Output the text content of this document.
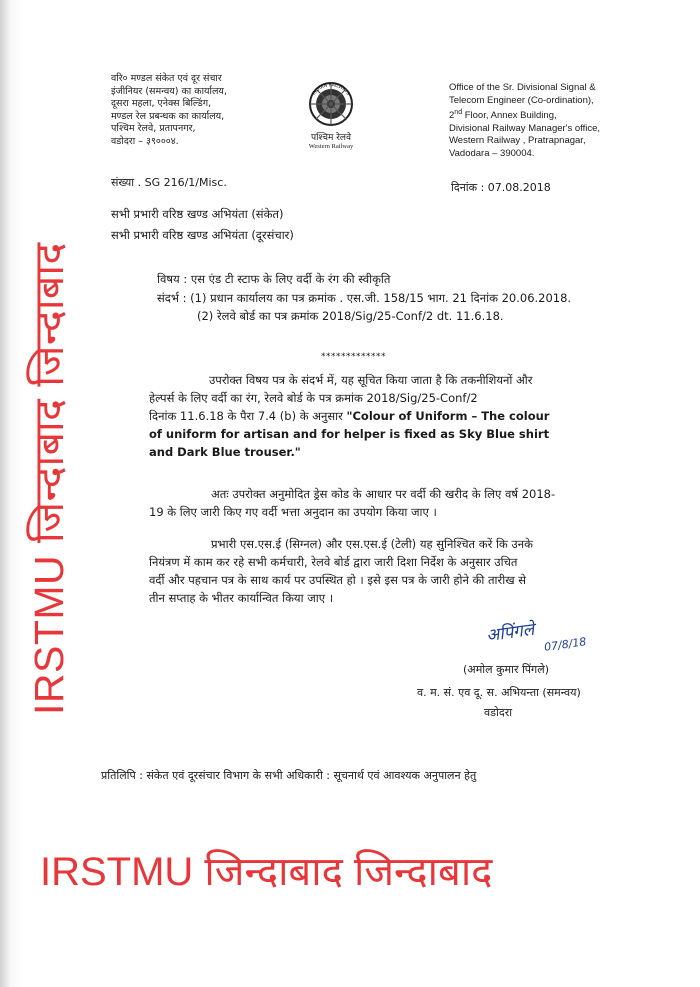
वरि० मण्डल संकेत एवं दूर संचार
इंजीनियर (समन्वय) का कार्यालय,
दूसरा महला, एनेक्स बिल्डिंग,
मण्डल रेल प्रबन्धक का कार्यालय,
पश्चिम रेलवे, प्रतापनगर,
वडोदरा – ३९०००४.
INDIAN RAILWAYS
पश्चिम रेलवे
Western Railway
Office of the Sr. Divisional Signal &
Telecom Engineer (Co-ordination),
2nd Floor, Annex Building,
Divisional Railway Manager's office,
Western Railway , Pratrapnagar,
Vadodara – 390004.
संख्या . SG 216/1/Misc.	दिनांक : 07.08.2018
सभी प्रभारी वरिष्ठ खण्ड अभियंता (संकेत)
सभी प्रभारी वरिष्ठ खण्ड अभियंता (दूरसंचार)
विषय : एस एंड टी स्टाफ के लिए वर्दी के रंग की स्वीकृति
संदर्भ : (1) प्रधान कार्यालय का पत्र क्रमांक . एस.जी. 158/15 भाग. 21 दिनांक 20.06.2018.
(2) रेलवे बोर्ड का पत्र क्रमांक 2018/Sig/25-Conf/2 dt. 11.6.18.
*************
उपरोक्त विषय पत्र के संदर्भ में, यह सूचित किया जाता है कि तकनीशियनों और
हेल्पर्स के लिए वर्दी का रंग, रेलवे बोर्ड के पत्र क्रमांक 2018/Sig/25-Conf/2
दिनांक 11.6.18 के पैरा 7.4 (b) के अनुसार "Colour of Uniform – The colour
of uniform for artisan and for helper is fixed as Sky Blue shirt
and Dark Blue trouser."
अतः उपरोक्त अनुमोदित ड्रेस कोड के आधार पर वर्दी की खरीद के लिए वर्ष 2018-
19 के लिए जारी किए गए वर्दी भत्ता अनुदान का उपयोग किया जाए ।
प्रभारी एस.एस.ई (सिग्नल) और एस.एस.ई (टेली) यह सुनिश्चित करें कि उनके
नियंत्रण में काम कर रहे सभी कर्मचारी, रेलवे बोर्ड द्वारा जारी दिशा निर्देश के अनुसार उचित
वर्दी और पहचान पत्र के साथ कार्य पर उपस्थित हो । इसे इस पत्र के जारी होने की तारीख से
तीन सप्ताह के भीतर कार्यान्वित किया जाए ।
अपिंगले 07/8/18
(अमोल कुमार पिंगले)
व. म. सं. एव दू. स. अभियन्ता (समन्वय)
वडोदरा
प्रतिलिपि : संकेत एवं दूरसंचार विभाग के सभी अधिकारी : सूचनार्थ एवं आवश्यक अनुपालन हेतु
IRSTMU जिन्दाबाद जिन्दाबाद
IRSTMU जिन्दाबाद जिन्दाबाद
